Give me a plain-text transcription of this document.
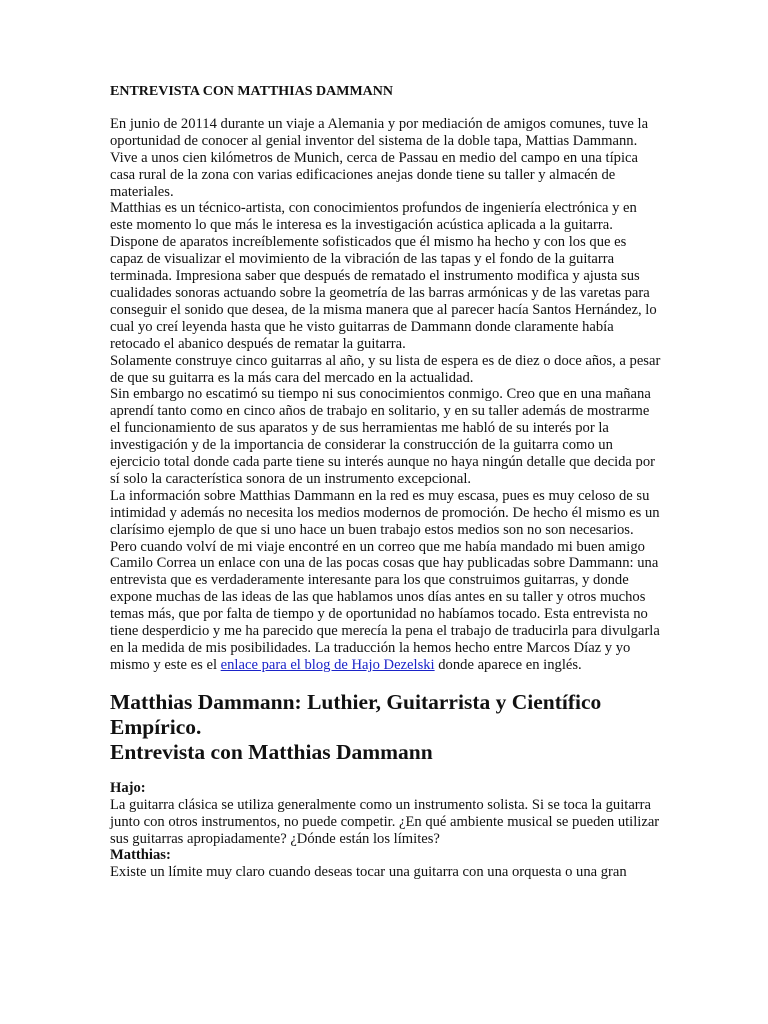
ENTREVISTA CON MATTHIAS DAMMANN

En junio de 20114 durante un viaje a Alemania y por mediación de amigos comunes, tuve la oportunidad de conocer al genial inventor del sistema de la doble tapa, Mattias Dammann.

Vive a unos cien kilómetros de Munich, cerca de Passau en medio del campo en una típica casa rural de la zona con varias edificaciones anejas donde tiene su taller y almacén de materiales.

Matthias es un técnico-artista, con conocimientos profundos de ingeniería electrónica y en este momento lo que más le interesa es la investigación acústica aplicada a la guitarra. Dispone de aparatos increíblemente sofisticados que él mismo ha hecho y con los que es capaz de visualizar el movimiento de la vibración de las tapas y el fondo de la guitarra terminada. Impresiona saber que después de rematado el instrumento modifica y ajusta sus cualidades sonoras actuando sobre la geometría de las barras armónicas y de las varetas para conseguir el sonido que desea, de la misma manera que al parecer hacía Santos Hernández, lo cual yo creí leyenda hasta que he visto guitarras de Dammann donde claramente había retocado el abanico después de rematar la guitarra.

Solamente construye cinco guitarras al año, y su lista de espera es de diez o doce años, a pesar de que su guitarra es la más cara del mercado en la actualidad.

Sin embargo no escatimó su tiempo ni sus conocimientos conmigo. Creo que en una mañana aprendí tanto como en cinco años de trabajo en solitario, y en su taller además de mostrarme el funcionamiento de sus aparatos y de sus herramientas me habló de su interés por la investigación y de la importancia de considerar la construcción de la guitarra como un ejercicio total donde cada parte tiene su interés aunque no haya ningún detalle que decida por sí solo la característica sonora de un instrumento excepcional.

La información sobre Matthias Dammann en la red es muy escasa, pues es muy celoso de su intimidad y además no necesita los medios modernos de promoción. De hecho él mismo es un clarísimo ejemplo de que si uno hace un buen trabajo estos medios son no son necesarios.

Pero cuando volví de mi viaje encontré en un correo que me había mandado mi buen amigo Camilo Correa un enlace con una de las pocas cosas que hay publicadas sobre Dammann: una entrevista que es verdaderamente interesante para los que construimos guitarras, y donde expone muchas de las ideas de las que hablamos unos días antes en su taller y otros muchos temas más, que por falta de tiempo y de oportunidad no habíamos tocado. Esta entrevista no tiene desperdicio y me ha parecido que merecía la pena el trabajo de traducirla para divulgarla en la medida de mis posibilidades. La traducción la hemos hecho entre Marcos Díaz y yo mismo y este es el enlace para el blog de Hajo Dezelski donde aparece en inglés.

Matthias Dammann: Luthier, Guitarrista y Científico Empírico.
Entrevista con Matthias Dammann

Hajo:

La guitarra clásica se utiliza generalmente como un instrumento solista. Si se toca la guitarra junto con otros instrumentos, no puede competir. ¿En qué ambiente musical se pueden utilizar sus guitarras apropiadamente? ¿Dónde están los límites?

Matthias:

Existe un límite muy claro cuando deseas tocar una guitarra con una orquesta o una gran
